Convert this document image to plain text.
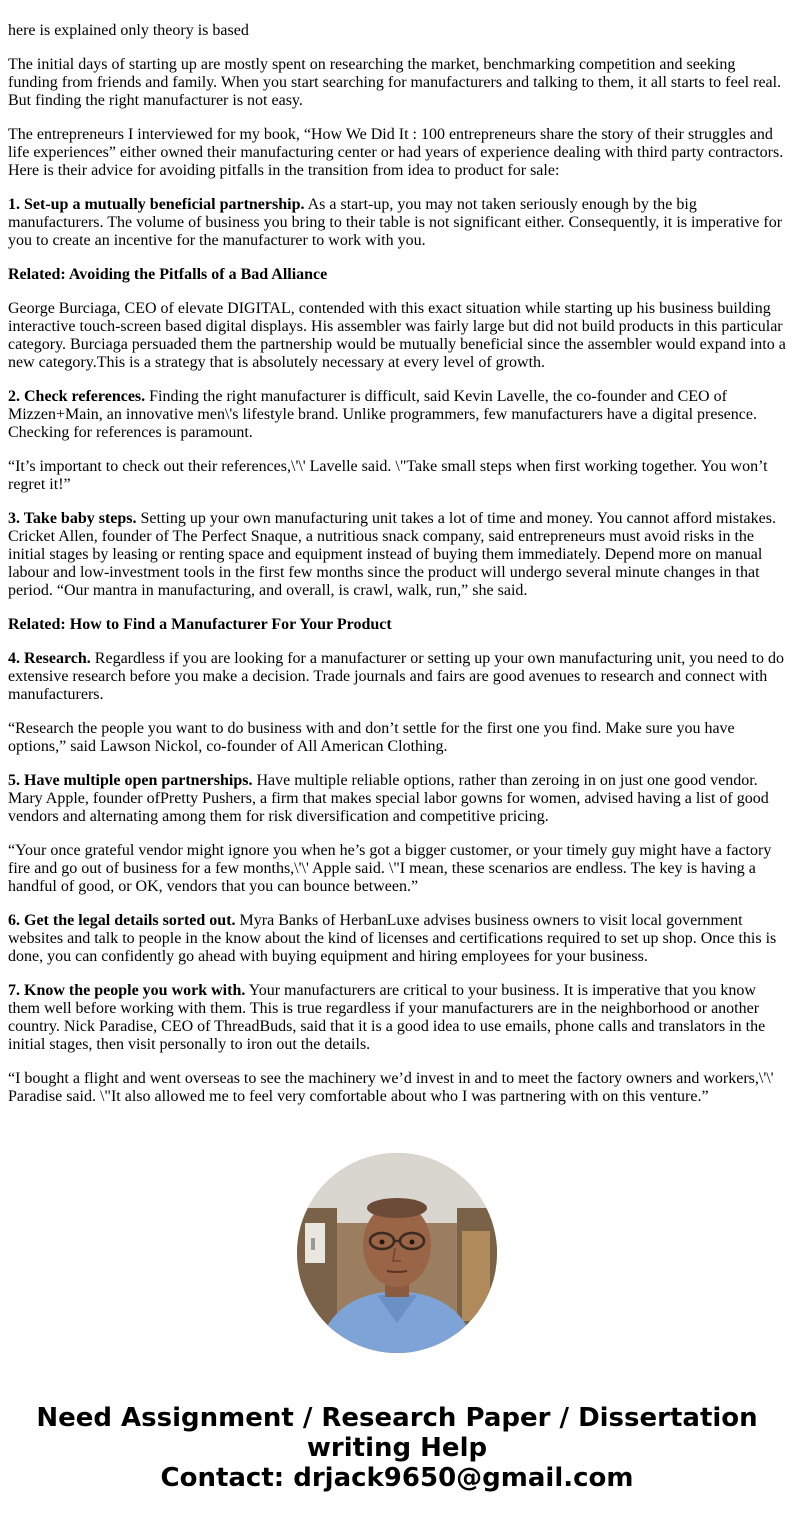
here is explained only theory is based

The initial days of starting up are mostly spent on researching the market, benchmarking competition and seeking funding from friends and family. When you start searching for manufacturers and talking to them, it all starts to feel real. But finding the right manufacturer is not easy.

The entrepreneurs I interviewed for my book, “How We Did It : 100 entrepreneurs share the story of their struggles and life experiences” either owned their manufacturing center or had years of experience dealing with third party contractors. Here is their advice for avoiding pitfalls in the transition from idea to product for sale:

1. Set-up a mutually beneficial partnership. As a start-up, you may not taken seriously enough by the big manufacturers. The volume of business you bring to their table is not significant either. Consequently, it is imperative for you to create an incentive for the manufacturer to work with you.

Related: Avoiding the Pitfalls of a Bad Alliance

George Burciaga, CEO of elevate DIGITAL, contended with this exact situation while starting up his business building interactive touch-screen based digital displays. His assembler was fairly large but did not build products in this particular category. Burciaga persuaded them the partnership would be mutually beneficial since the assembler would expand into a new category.This is a strategy that is absolutely necessary at every level of growth.

2. Check references. Finding the right manufacturer is difficult, said Kevin Lavelle, the co-founder and CEO of Mizzen+Main, an innovative men\'s lifestyle brand. Unlike programmers, few manufacturers have a digital presence. Checking for references is paramount.

“It’s important to check out their references,\'\' Lavelle said. \"Take small steps when first working together. You won’t regret it!”

3. Take baby steps. Setting up your own manufacturing unit takes a lot of time and money. You cannot afford mistakes. Cricket Allen, founder of The Perfect Snaque, a nutritious snack company, said entrepreneurs must avoid risks in the initial stages by leasing or renting space and equipment instead of buying them immediately. Depend more on manual labour and low-investment tools in the first few months since the product will undergo several minute changes in that period. “Our mantra in manufacturing, and overall, is crawl, walk, run,” she said.

Related: How to Find a Manufacturer For Your Product

4. Research. Regardless if you are looking for a manufacturer or setting up your own manufacturing unit, you need to do extensive research before you make a decision. Trade journals and fairs are good avenues to research and connect with manufacturers.

“Research the people you want to do business with and don’t settle for the first one you find. Make sure you have options,” said Lawson Nickol, co-founder of All American Clothing.

5. Have multiple open partnerships. Have multiple reliable options, rather than zeroing in on just one good vendor. Mary Apple, founder ofPretty Pushers, a firm that makes special labor gowns for women, advised having a list of good vendors and alternating among them for risk diversification and competitive pricing.

“Your once grateful vendor might ignore you when he’s got a bigger customer, or your timely guy might have a factory fire and go out of business for a few months,\'\' Apple said. \"I mean, these scenarios are endless. The key is having a handful of good, or OK, vendors that you can bounce between.”

6. Get the legal details sorted out. Myra Banks of HerbanLuxe advises business owners to visit local government websites and talk to people in the know about the kind of licenses and certifications required to set up shop. Once this is done, you can confidently go ahead with buying equipment and hiring employees for your business.

7. Know the people you work with. Your manufacturers are critical to your business. It is imperative that you know them well before working with them. This is true regardless if your manufacturers are in the neighborhood or another country. Nick Paradise, CEO of ThreadBuds, said that it is a good idea to use emails, phone calls and translators in the initial stages, then visit personally to iron out the details.

“I bought a flight and went overseas to see the machinery we’d invest in and to meet the factory owners and workers,\'\' Paradise said. \"It also allowed me to feel very comfortable about who I was partnering with on this venture.”

Need Assignment / Research Paper / Dissertation
writing Help
Contact: drjack9650@gmail.com
